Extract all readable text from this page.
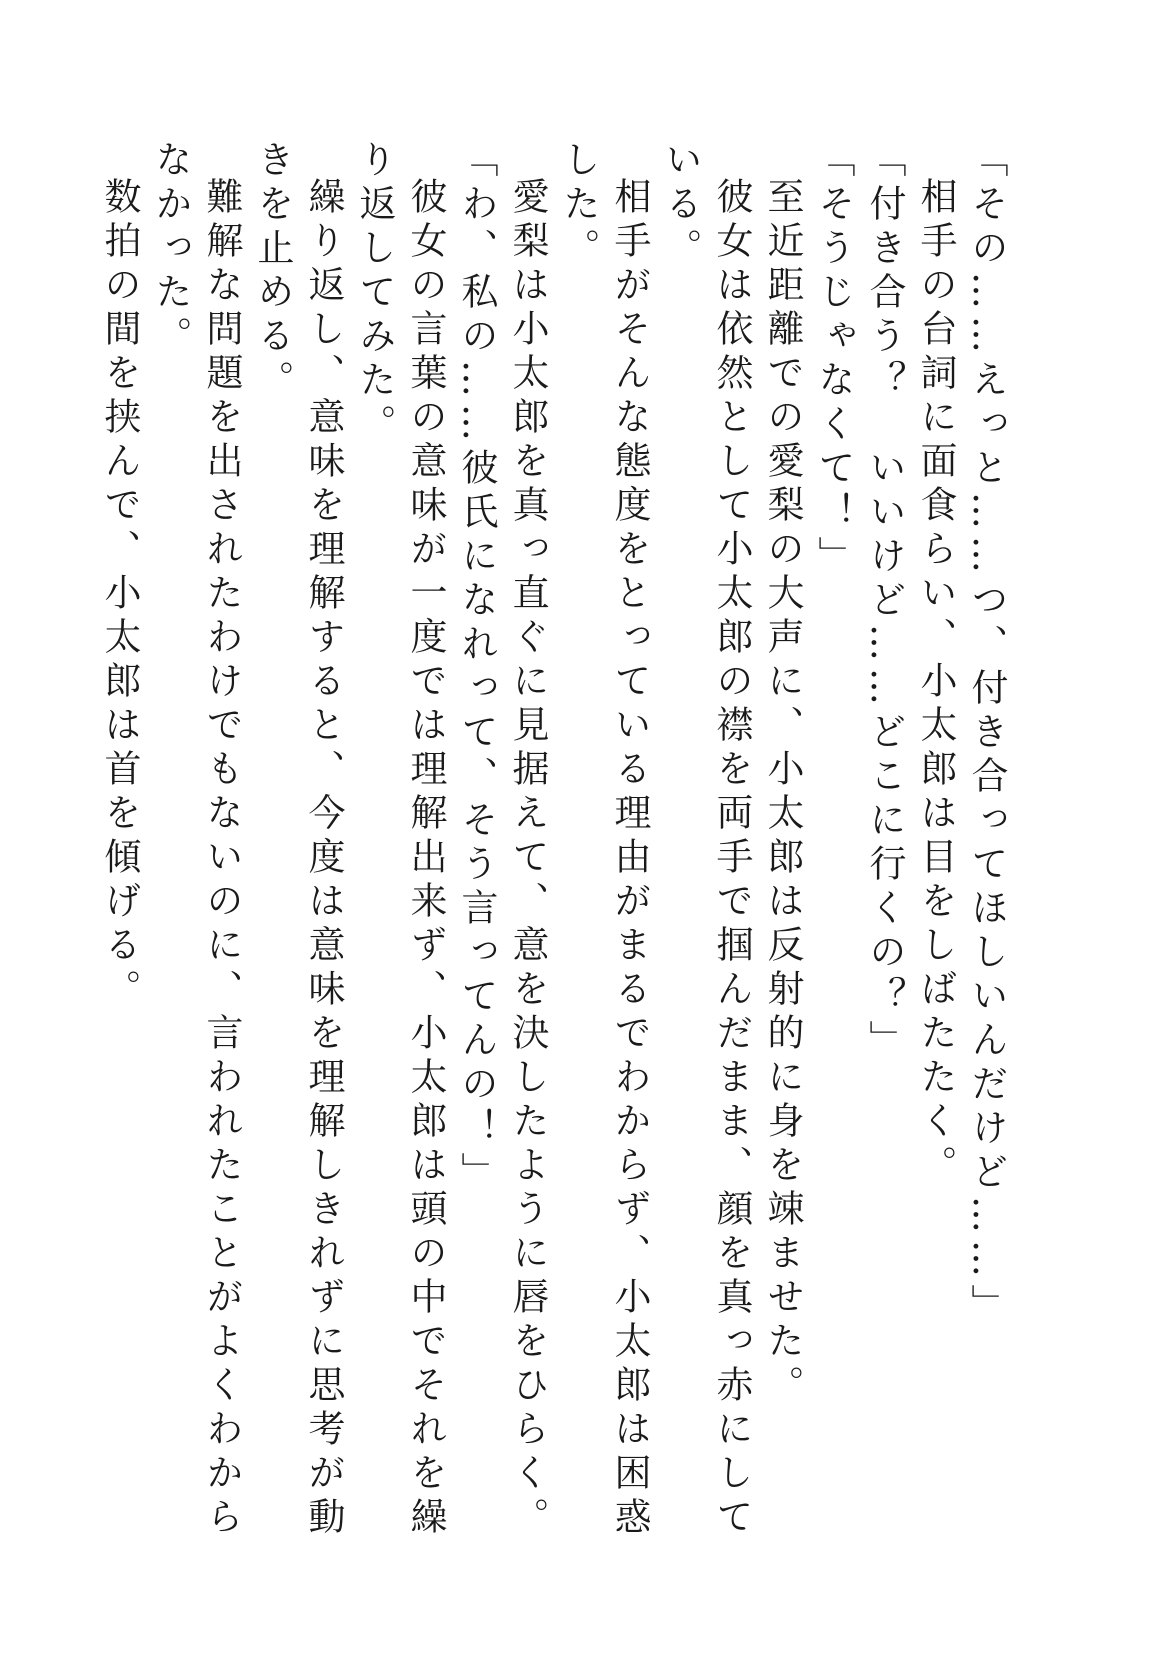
「その……えっと……つ、付き合ってほしいんだけど……」

相手の台詞に面食らい、小太郎は目をしばたたく。

「付き合う？　いいけど……どこに行くの？」

「そうじゃなくて！」

至近距離での愛梨の大声に、小太郎は反射的に身を竦ませた。

彼女は依然として小太郎の襟を両手で掴んだまま、顔を真っ赤にしている。

相手がそんな態度をとっている理由がまるでわからず、小太郎は困惑した。

愛梨は小太郎を真っ直ぐに見据えて、意を決したように唇をひらく。

「わ、私の……彼氏になれって、そう言ってんの！」

彼女の言葉の意味が一度では理解出来ず、小太郎は頭の中でそれを繰り返してみた。

繰り返し、意味を理解すると、今度は意味を理解しきれずに思考が動きを止める。

難解な問題を出されたわけでもないのに、言われたことがよくわからなかった。

数拍の間を挟んで、小太郎は首を傾げる。
